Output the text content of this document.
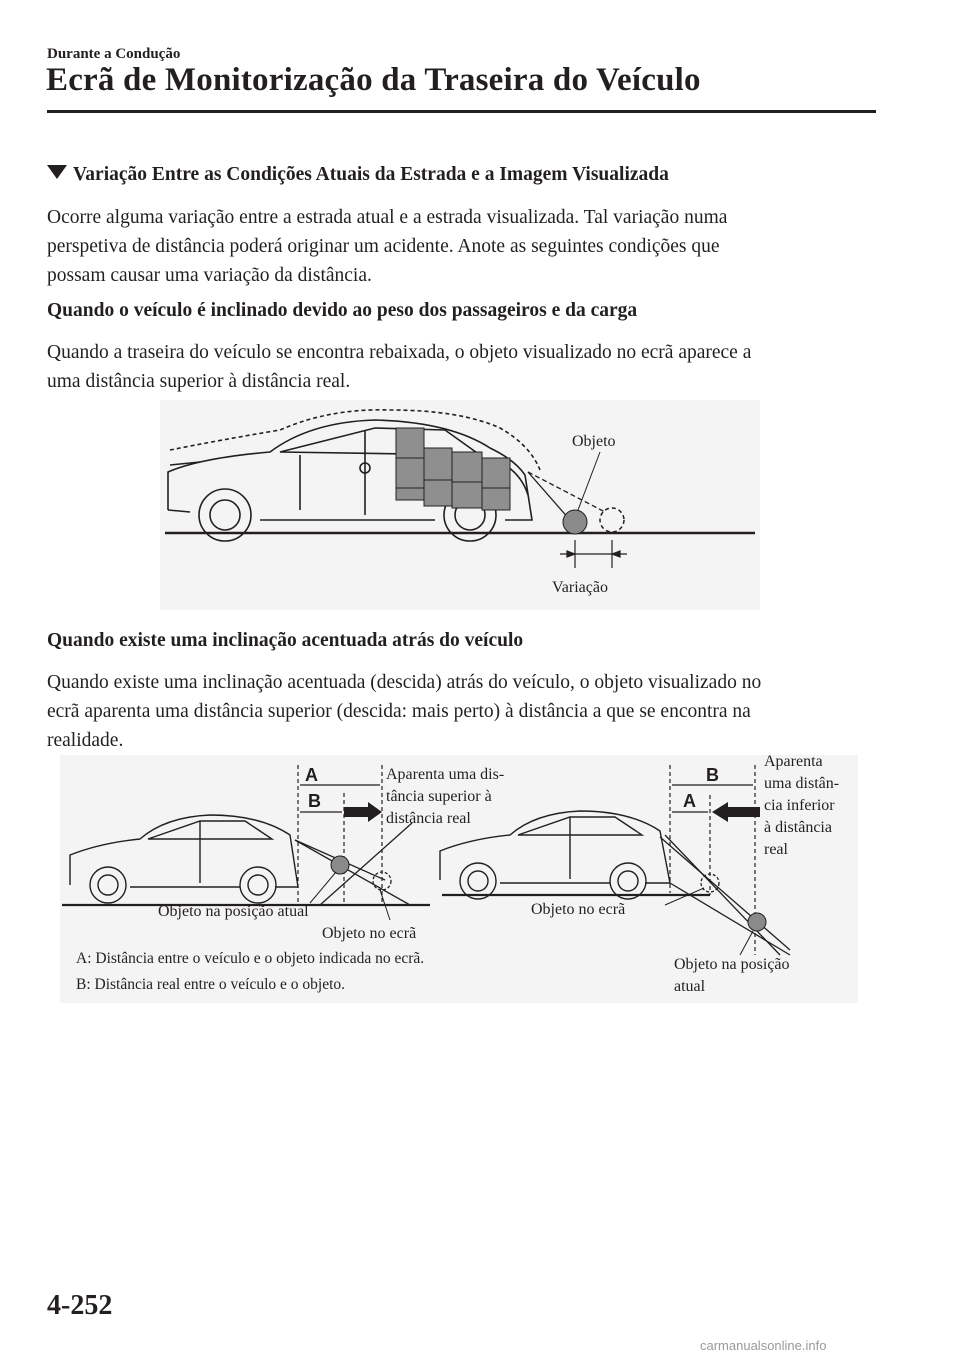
Durante a Condução
Ecrã de Monitorização da Traseira do Veículo
Variação Entre as Condições Atuais da Estrada e a Imagem Visualizada
Ocorre alguma variação entre a estrada atual e a estrada visualizada. Tal variação numa
perspetiva de distância poderá originar um acidente. Anote as seguintes condições que
possam causar uma variação da distância.
Quando o veículo é inclinado devido ao peso dos passageiros e da carga
Quando a traseira do veículo se encontra rebaixada, o objeto visualizado no ecrã aparece a
uma distância superior à distância real.
Objeto
Variação
Quando existe uma inclinação acentuada atrás do veículo
Quando existe uma inclinação acentuada (descida) atrás do veículo, o objeto visualizado no
ecrã aparenta uma distância superior (descida: mais perto) à distância a que se encontra na
realidade.
A
B
Objeto na posição atual
Objeto no ecrã
Aparenta uma dis- tância superior à distância real
B
A
Objeto no ecrã
Aparenta uma distân- cia inferior à distância real
Objeto na posição atual
A: Distância entre o veículo e o objeto indicada no ecrã.
B: Distância real entre o veículo e o objeto.
4-252
carmanualsonline.info
